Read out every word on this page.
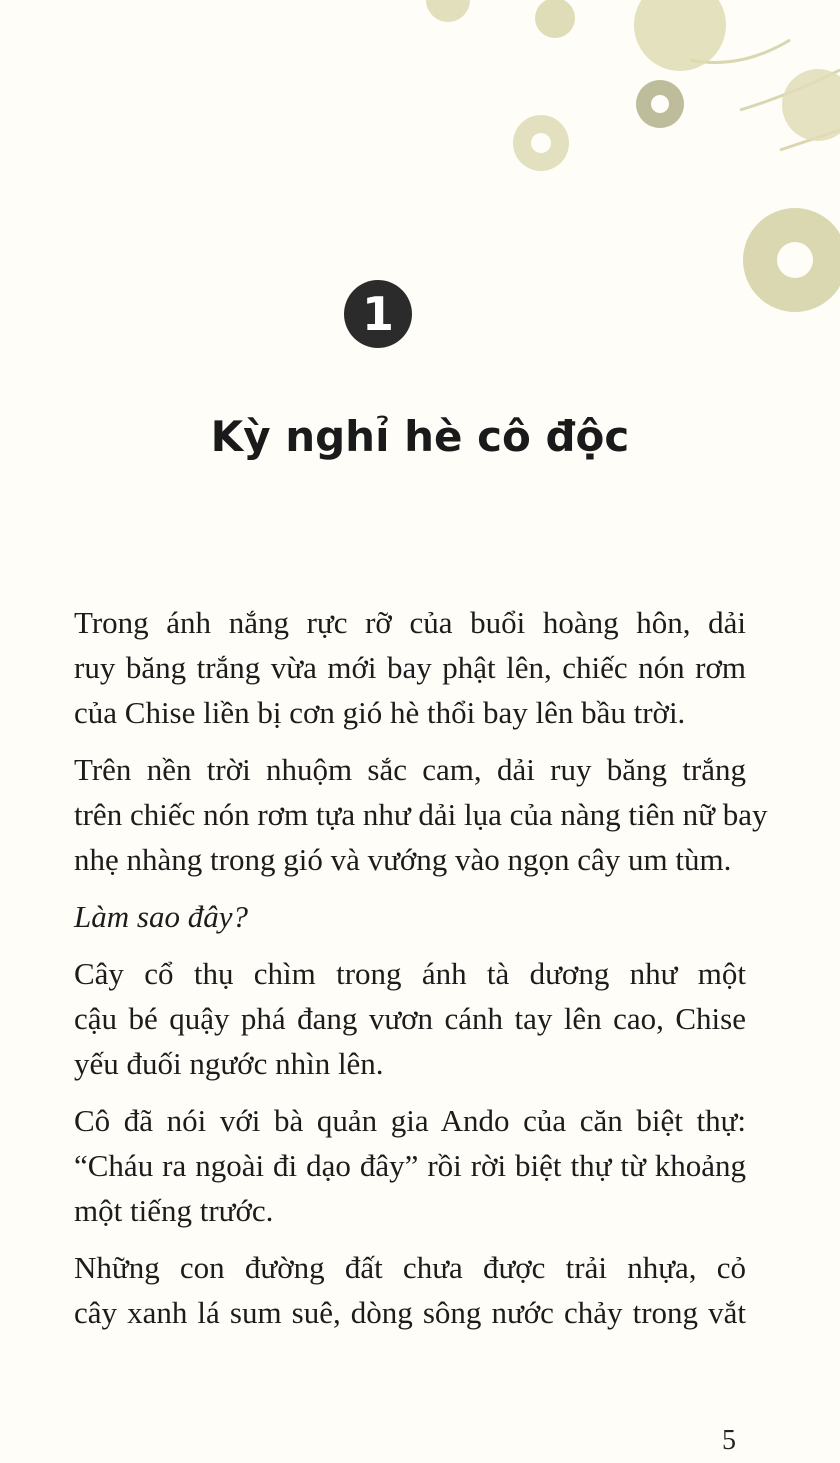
1
Kỳ nghỉ hè cô độc
Trong ánh nắng rực rỡ của buổi hoàng hôn, dải
ruy băng trắng vừa mới bay phật lên, chiếc nón rơm
của Chise liền bị cơn gió hè thổi bay lên bầu trời.
Trên nền trời nhuộm sắc cam, dải ruy băng trắng
trên chiếc nón rơm tựa như dải lụa của nàng tiên nữ bay
nhẹ nhàng trong gió và vướng vào ngọn cây um tùm.
Làm sao đây?
Cây cổ thụ chìm trong ánh tà dương như một
cậu bé quậy phá đang vươn cánh tay lên cao, Chise
yếu đuối ngước nhìn lên.
Cô đã nói với bà quản gia Ando của căn biệt thự:
“Cháu ra ngoài đi dạo đây” rồi rời biệt thự từ khoảng
một tiếng trước.
Những con đường đất chưa được trải nhựa, cỏ
cây xanh lá sum suê, dòng sông nước chảy trong vắt
5
